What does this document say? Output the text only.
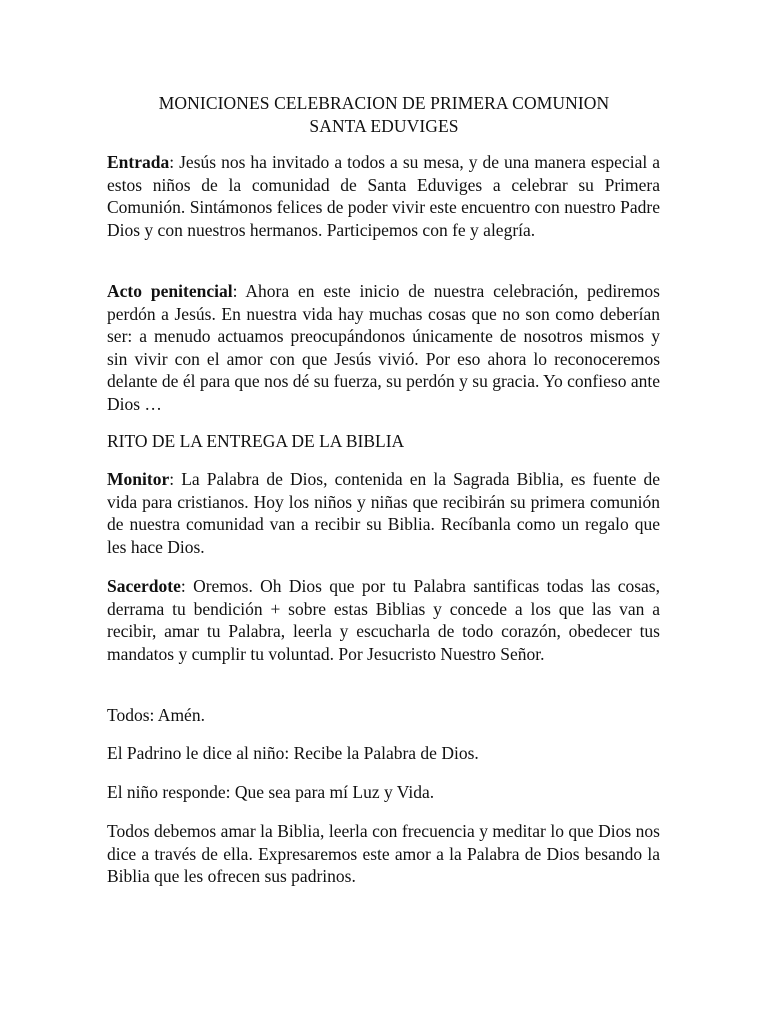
MONICIONES CELEBRACION DE PRIMERA COMUNION
SANTA EDUVIGES

Entrada: Jesús nos ha invitado a todos a su mesa, y de una manera especial a estos niños de la comunidad de Santa Eduviges a celebrar su Primera Comunión. Sintámonos felices de poder vivir este encuentro con nuestro Padre Dios y con nuestros hermanos. Participemos con fe y alegría.

Acto penitencial: Ahora en este inicio de nuestra celebración, pediremos perdón a Jesús. En nuestra vida hay muchas cosas que no son como deberían ser: a menudo actuamos preocupándonos únicamente de nosotros mismos y sin vivir con el amor con que Jesús vivió. Por eso ahora lo reconoceremos delante de él para que nos dé su fuerza, su perdón y su gracia. Yo confieso ante Dios …

RITO DE LA ENTREGA DE LA BIBLIA

Monitor: La Palabra de Dios, contenida en la Sagrada Biblia, es fuente de vida para cristianos. Hoy los niños y niñas que recibirán su primera comunión de nuestra comunidad van a recibir su Biblia. Recíbanla como un regalo que les hace Dios.

Sacerdote: Oremos. Oh Dios que por tu Palabra santificas todas las cosas, derrama tu bendición + sobre estas Biblias y concede a los que las van a recibir, amar tu Palabra, leerla y escucharla de todo corazón, obedecer tus mandatos y cumplir tu voluntad. Por Jesucristo Nuestro Señor.

Todos: Amén.

El Padrino le dice al niño: Recibe la Palabra de Dios.

El niño responde: Que sea para mí Luz y Vida.

Todos debemos amar la Biblia, leerla con frecuencia y meditar lo que Dios nos dice a través de ella. Expresaremos este amor a la Palabra de Dios besando la Biblia que les ofrecen sus padrinos.
